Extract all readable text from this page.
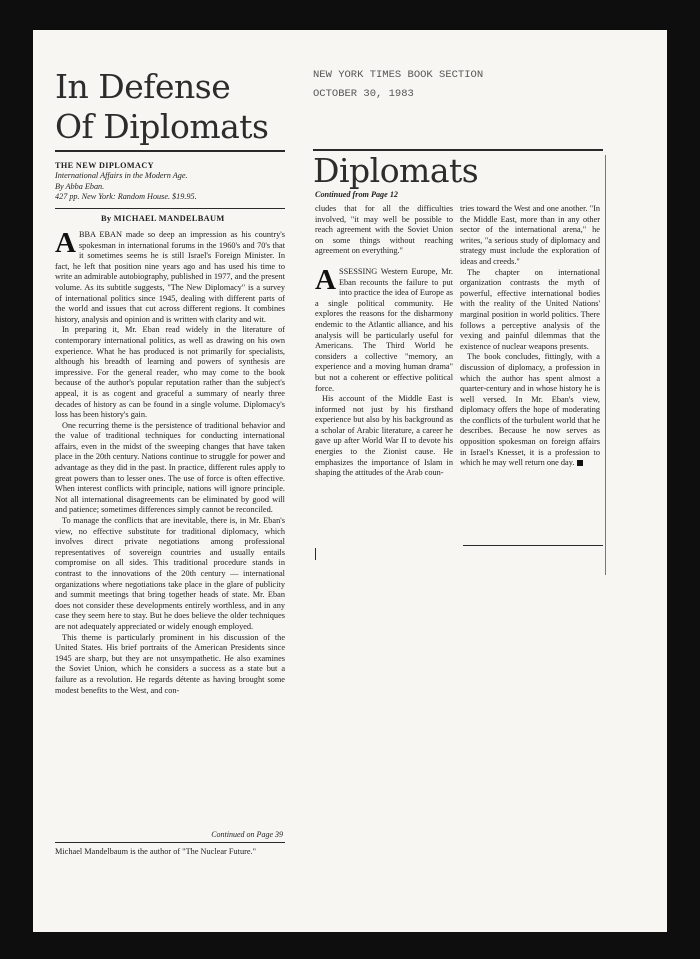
In Defense
Of Diplomats
NEW YORK TIMES BOOK SECTION
OCTOBER 30, 1983
THE NEW DIPLOMACY
International Affairs in the Modern Age.
By Abba Eban.
427 pp. New York: Random House. $19.95.
By MICHAEL MANDELBAUM

ABBA EBAN made so deep an impression as his country's spokesman in international forums in the 1960's and 70's that it sometimes seems he is still Israel's Foreign Minister. In fact, he left that position nine years ago and has used his time to write an admirable autobiography, published in 1977, and the present volume. As its subtitle suggests, "The New Diplomacy" is a survey of international politics since 1945, dealing with different parts of the world and issues that cut across different regions. It combines history, analysis and opinion and is written with clarity and wit.

In preparing it, Mr. Eban read widely in the literature of contemporary international politics, as well as drawing on his own experience. What he has produced is not primarily for specialists, although his breadth of learning and powers of synthesis are impressive. For the general reader, who may come to the book because of the author's popular reputation rather than the subject's appeal, it is as cogent and graceful a summary of nearly three decades of history as can be found in a single volume. Diplomacy's loss has been history's gain.

One recurring theme is the persistence of traditional behavior and the value of traditional techniques for conducting international affairs, even in the midst of the sweeping changes that have taken place in the 20th century. Nations continue to struggle for power and advantage as they did in the past. In practice, different rules apply to great powers than to lesser ones. The use of force is often effective. When interest conflicts with principle, nations will ignore principle. Not all international disagreements can be eliminated by good will and patience; sometimes differences simply cannot be reconciled.

To manage the conflicts that are inevitable, there is, in Mr. Eban's view, no effective substitute for traditional diplomacy, which involves direct private negotiations among professional representatives of sovereign countries and usually entails compromise on all sides. This traditional procedure stands in contrast to the innovations of the 20th century — international organizations where negotiations take place in the glare of publicity and summit meetings that bring together heads of state. Mr. Eban does not consider these developments entirely worthless, and in any case they seem here to stay. But he does believe the older techniques are not adequately appreciated or widely enough employed.

This theme is particularly prominent in his discussion of the United States. His brief portraits of the American Presidents since 1945 are sharp, but they are not unsympathetic. He also examines the Soviet Union, which he considers a success as a state but a failure as a revolution. He regards détente as having brought some modest benefits to the West, and con-

Continued on Page 39
Michael Mandelbaum is the author of "The Nuclear Future."
Diplomats
Continued from Page 12

cludes that for all the difficulties involved, "it may well be possible to reach agreement with the Soviet Union on some things without reaching agreement on everything."

ASSESSING Western Europe, Mr. Eban recounts the failure to put into practice the idea of Europe as a single political community. He explores the reasons for the disharmony endemic to the Atlantic alliance, and his analysis will be particularly useful for Americans. The Third World he considers a collective "memory, an experience and a moving human drama" but not a coherent or effective political force.

His account of the Middle East is informed not just by his firsthand experience but also by his background as a scholar of Arabic literature, a career he gave up after World War II to devote his energies to the Zionist cause. He emphasizes the importance of Islam in shaping the attitudes of the Arab coun-

tries toward the West and one another. "In the Middle East, more than in any other sector of the international arena," he writes, "a serious study of diplomacy and strategy must include the exploration of ideas and creeds."

The chapter on international organization contrasts the myth of powerful, effective international bodies with the reality of the United Nations' marginal position in world politics. There follows a perceptive analysis of the vexing and painful dilemmas that the existence of nuclear weapons presents.

The book concludes, fittingly, with a discussion of diplomacy, a profession in which the author has spent almost a quarter-century and in whose history he is well versed. In Mr. Eban's view, diplomacy offers the hope of moderating the conflicts of the turbulent world that he describes. Because he now serves as opposition spokesman on foreign affairs in Israel's Knesset, it is a profession to which he may well return one day.
